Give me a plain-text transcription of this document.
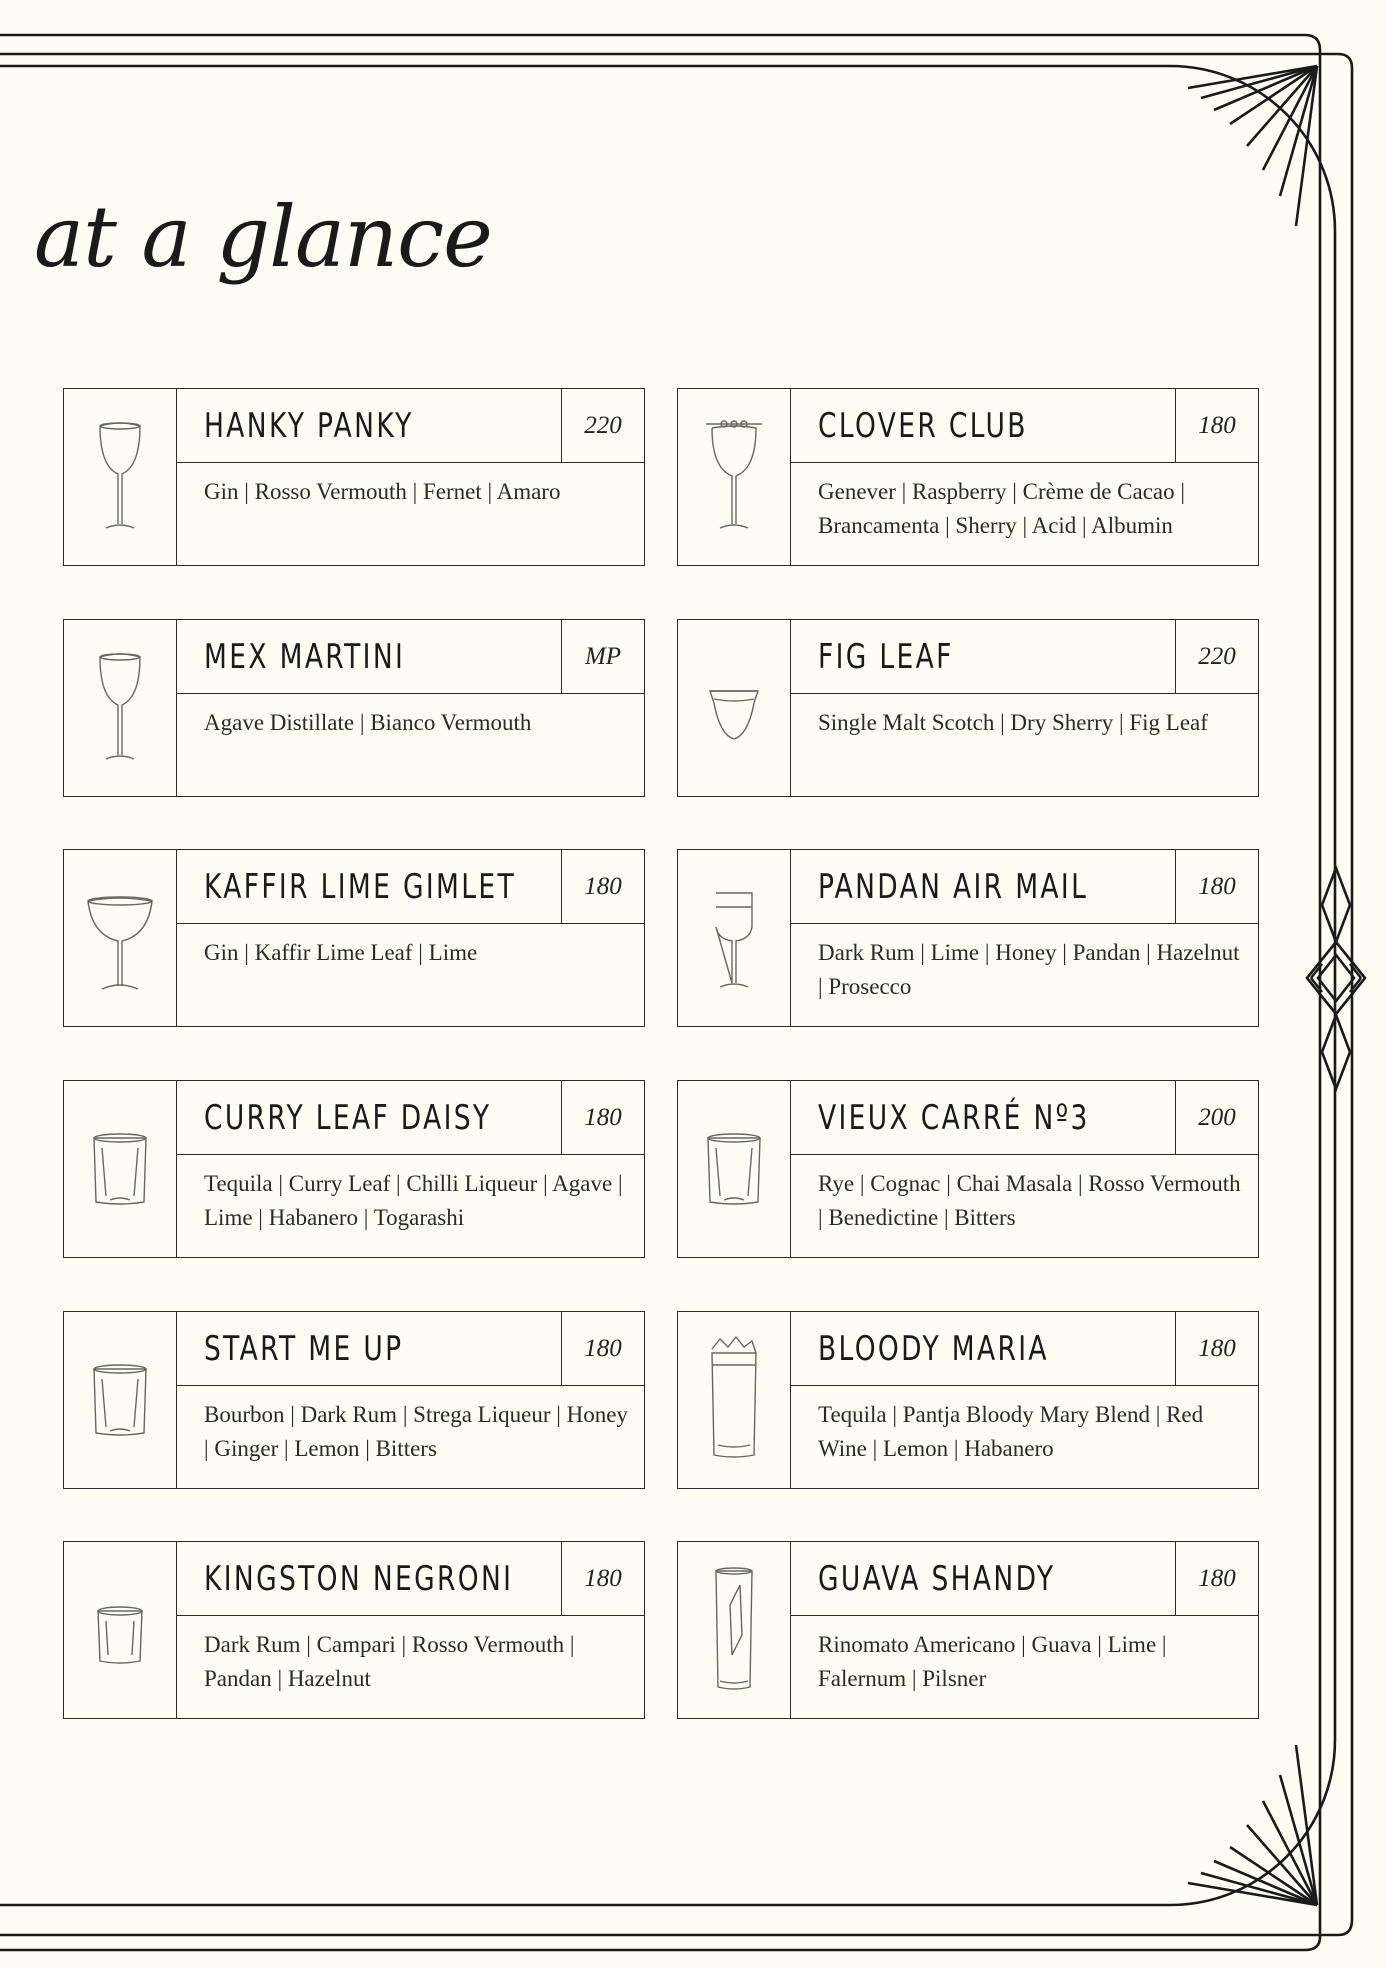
at a glance
HANKY PANKY	220
Gin | Rosso Vermouth | Fernet | Amaro
CLOVER CLUB	180
Genever | Raspberry | Crème de Cacao | Brancamenta | Sherry | Acid | Albumin
MEX MARTINI	MP
Agave Distillate | Bianco Vermouth
FIG LEAF	220
Single Malt Scotch | Dry Sherry | Fig Leaf
KAFFIR LIME GIMLET	180
Gin | Kaffir Lime Leaf | Lime
PANDAN AIR MAIL	180
Dark Rum | Lime | Honey | Pandan | Hazelnut | Prosecco
CURRY LEAF DAISY	180
Tequila | Curry Leaf | Chilli Liqueur | Agave | Lime | Habanero | Togarashi
VIEUX CARRÉ Nº3	200
Rye | Cognac | Chai Masala | Rosso Vermouth | Benedictine | Bitters
START ME UP	180
Bourbon | Dark Rum | Strega Liqueur | Honey | Ginger | Lemon | Bitters
BLOODY MARIA	180
Tequila | Pantja Bloody Mary Blend | Red Wine | Lemon | Habanero
KINGSTON NEGRONI	180
Dark Rum | Campari | Rosso Vermouth | Pandan | Hazelnut
GUAVA SHANDY	180
Rinomato Americano | Guava | Lime | Falernum | Pilsner
